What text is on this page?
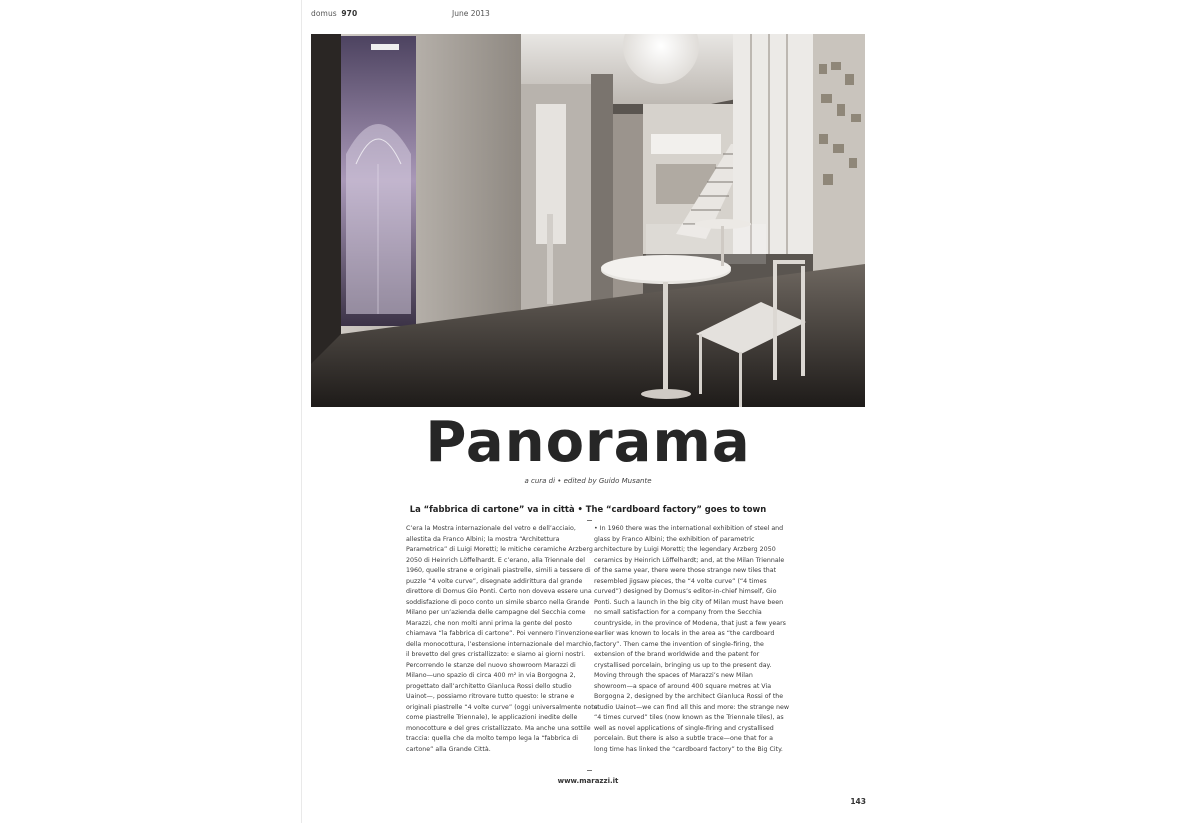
domus 970	June 2013
Panorama
a cura di • edited by Guido Musante
La “fabbrica di cartone” va in città • The “cardboard factory” goes to town
C’era la Mostra internazionale del vetro e dell’acciaio,
allestita da Franco Albini; la mostra “Architettura
Parametrica” di Luigi Moretti; le mitiche ceramiche Arzberg
2050 di Heinrich Löffelhardt. E c’erano, alla Triennale del
1960, quelle strane e originali piastrelle, simili a tessere di
puzzle “4 volte curve”, disegnate addirittura dal grande
direttore di Domus Gio Ponti. Certo non doveva essere una
soddisfazione di poco conto un simile sbarco nella Grande
Milano per un’azienda delle campagne del Secchia come
Marazzi, che non molti anni prima la gente del posto
chiamava “la fabbrica di cartone”. Poi vennero l’invenzione
della monocottura, l’estensione internazionale del marchio,
il brevetto del gres cristallizzato: e siamo ai giorni nostri.
Percorrendo le stanze del nuovo showroom Marazzi di
Milano—uno spazio di circa 400 m² in via Borgogna 2,
progettato dall’architetto Gianluca Rossi dello studio
Uainot—, possiamo ritrovare tutto questo: le strane e
originali piastrelle “4 volte curve” (oggi universalmente note
come piastrelle Triennale), le applicazioni inedite delle
monocotture e del gres cristallizzato. Ma anche una sottile
traccia: quella che da molto tempo lega la “fabbrica di
cartone” alla Grande Città.
• In 1960 there was the international exhibition of steel and
glass by Franco Albini; the exhibition of parametric
architecture by Luigi Moretti; the legendary Arzberg 2050
ceramics by Heinrich Löffelhardt; and, at the Milan Triennale
of the same year, there were those strange new tiles that
resembled jigsaw pieces, the “4 volte curve” (“4 times
curved”) designed by Domus’s editor-in-chief himself, Gio
Ponti. Such a launch in the big city of Milan must have been
no small satisfaction for a company from the Secchia
countryside, in the province of Modena, that just a few years
earlier was known to locals in the area as “the cardboard
factory”. Then came the invention of single-firing, the
extension of the brand worldwide and the patent for
crystallised porcelain, bringing us up to the present day.
Moving through the spaces of Marazzi’s new Milan
showroom—a space of around 400 square metres at Via
Borgogna 2, designed by the architect Gianluca Rossi of the
studio Uainot—we can find all this and more: the strange new
“4 times curved” tiles (now known as the Triennale tiles), as
well as novel applications of single-firing and crystallised
porcelain. But there is also a subtle trace—one that for a
long time has linked the “cardboard factory” to the Big City.
www.marazzi.it
143
